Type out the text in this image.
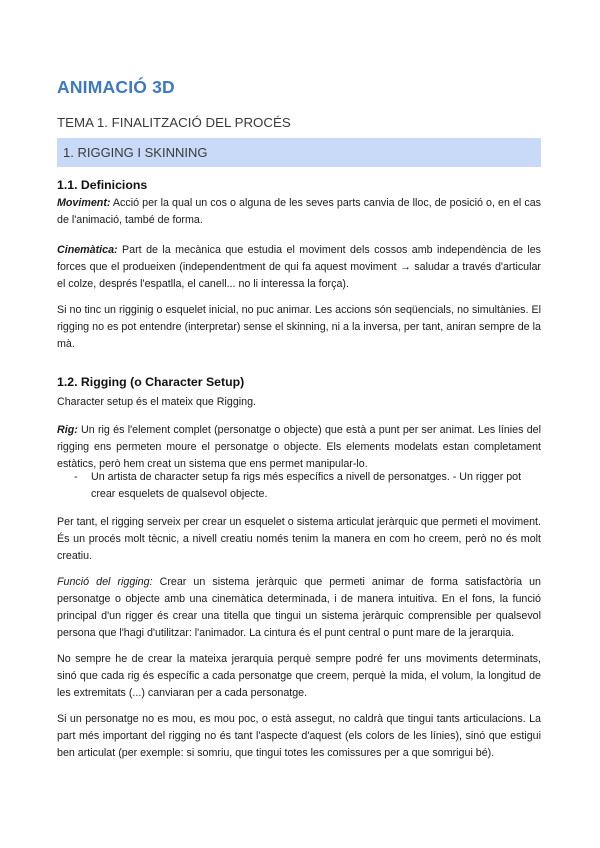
ANIMACIÓ 3D

TEMA 1. FINALITZACIÓ DEL PROCÉS

1. RIGGING I SKINNING
1.1. Definicions

Moviment: Acció per la qual un cos o alguna de les seves parts canvia de lloc, de posició o, en el cas de l'animació, també de forma.

Cinemàtica: Part de la mecànica que estudia el moviment dels cossos amb independència de les forces que el produeixen (independentment de qui fa aquest moviment → saludar a través d'articular el colze, després l'espatlla, el canell... no li interessa la força).

Si no tinc un rigginig o esquelet inicial, no puc animar. Les accions són seqüencials, no simultànies. El rigging no es pot entendre (interpretar) sense el skinning, ni a la inversa, per tant, aniran sempre de la mà.

1.2. Rigging (o Character Setup)

Character setup és el mateix que Rigging.

Rig: Un rig és l'element complet (personatge o objecte) que està a punt per ser animat. Les línies del rigging ens permeten moure el personatge o objecte. Els elements modelats estan completament estàtics, però hem creat un sistema que ens permet manipular-lo.

- Un artista de character setup fa rigs més específics a nivell de personatges. - Un rigger pot crear esquelets de qualsevol objecte.

Per tant, el rigging serveix per crear un esquelet o sistema articulat jeràrquic que permeti el moviment. És un procés molt tècnic, a nivell creatiu només tenim la manera en com ho creem, però no és molt creatiu.

Funció del rigging: Crear un sistema jeràrquic que permeti animar de forma satisfactòria un personatge o objecte amb una cinemàtica determinada, i de manera intuitiva. En el fons, la funció principal d'un rigger és crear una titella que tingui un sistema jeràrquic comprensible per qualsevol persona que l'hagi d'utilitzar: l'animador. La cintura és el punt central o punt mare de la jerarquia.

No sempre he de crear la mateixa jerarquia perquè sempre podré fer uns moviments determinats, sinó que cada rig és específic a cada personatge que creem, perquè la mida, el volum, la longitud de les extremitats (...) canviaran per a cada personatge.

Si un personatge no es mou, es mou poc, o està assegut, no caldrà que tingui tants articulacions. La part més important del rigging no és tant l'aspecte d'aquest (els colors de les línies), sinó que estigui ben articulat (per exemple: si somriu, que tingui totes les comissures per a que somrigui bé).
